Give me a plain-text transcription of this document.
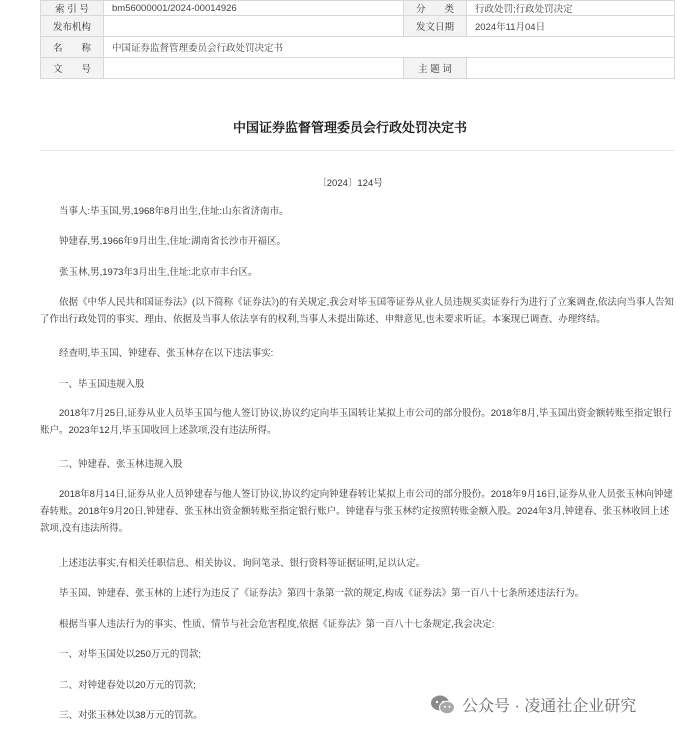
索 引 号	bm56000001/2024-00014926	分　　类	行政处罚;行政处罚决定
发布机构		发文日期	2024年11月04日
名　　称	中国证券监督管理委员会行政处罚决定书		
文　　号		主 题 词	
中国证券监督管理委员会行政处罚决定书
〔2024〕124号

当事人:毕玉国,男,1968年8月出生,住址:山东省济南市。

钟建春,男,1966年9月出生,住址:湖南省长沙市开福区。

张玉林,男,1973年3月出生,住址:北京市丰台区。

依据《中华人民共和国证券法》(以下简称《证券法》)的有关规定,我会对毕玉国等证券从业人员违规买卖证券行为进行了立案调查,依法向当事人告知了作出行政处罚的事实、理由、依据及当事人依法享有的权利,当事人未提出陈述、申辩意见,也未要求听证。本案现已调查、办理终结。

经查明,毕玉国、钟建春、张玉林存在以下违法事实:

一、毕玉国违规入股

2018年7月25日,证券从业人员毕玉国与他人签订协议,协议约定向毕玉国转让某拟上市公司的部分股份。2018年8月,毕玉国出资金额转账至指定银行账户。2023年12月,毕玉国收回上述款项,没有违法所得。

二、钟建春、张玉林违规入股

2018年8月14日,证券从业人员钟建春与他人签订协议,协议约定向钟建春转让某拟上市公司的部分股份。2018年9月16日,证券从业人员张玉林向钟建春转账。2018年9月20日,钟建春、张玉林出资金额转账至指定银行账户。钟建春与张玉林约定按照转账金额入股。2024年3月,钟建春、张玉林收回上述款项,没有违法所得。

上述违法事实,有相关任职信息、相关协议、询问笔录、银行资料等证据证明,足以认定。

毕玉国、钟建春、张玉林的上述行为违反了《证券法》第四十条第一款的规定,构成《证券法》第一百八十七条所述违法行为。

根据当事人违法行为的事实、性质、情节与社会危害程度,依据《证券法》第一百八十七条规定,我会决定:

一、对毕玉国处以250万元的罚款;

二、对钟建春处以20万元的罚款;

三、对张玉林处以38万元的罚款。

公众号 · 凌通社企业研究
